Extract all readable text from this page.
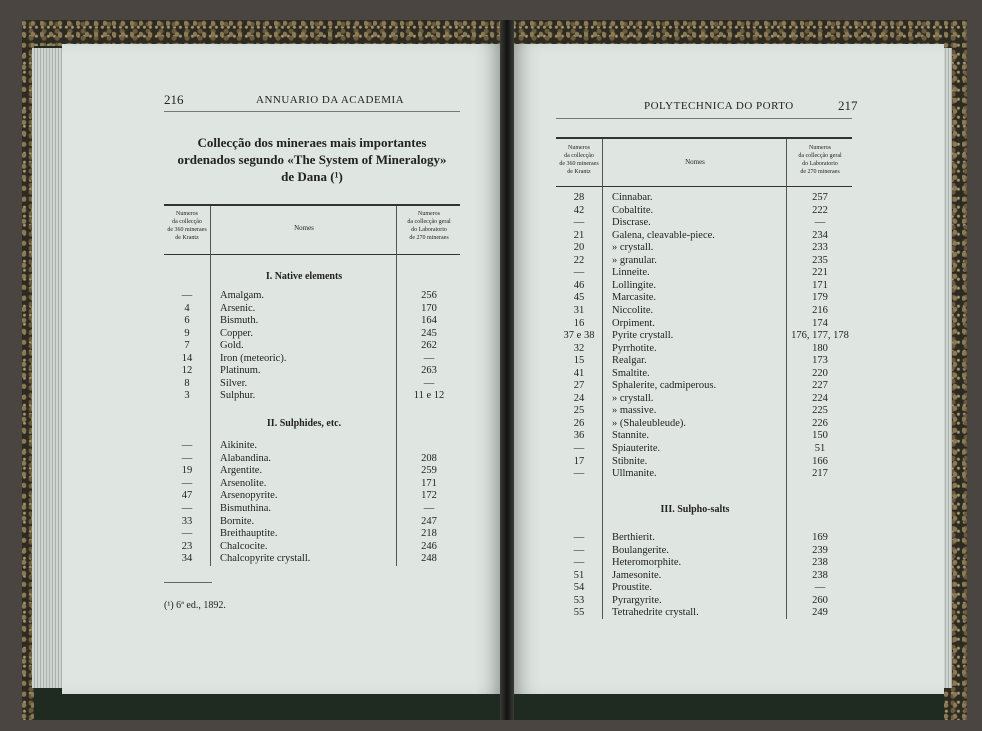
216	ANNUARIO DA ACADEMIA
Collecção dos mineraes mais importantes
ordenados segundo «The System of Mineralogy»
de Dana (¹)
Numeros
da collecção
de 360 mineraes
de Krantz
Nomes
Numeros
da collecção geral
do Laboratorio
de 270 mineraes
I. Native elements
—	Amalgam.	256
4	Arsenic.	170
6	Bismuth.	164
9	Copper.	245
7	Gold.	262
14	Iron (meteoric).	—
12	Platinum.	263
8	Silver.	—
3	Sulphur.	11 e 12
II. Sulphides, etc.
—	Aikinite.
—	Alabandina.	208
19	Argentite.	259
—	Arsenolite.	171
47	Arsenopyrite.	172
—	Bismuthina.	—
33	Bornite.	247
—	Breithauptite.	218
23	Chalcocite.	246
34	Chalcopyrite crystall.	248
(¹) 6ª ed., 1892.
POLYTECHNICA DO PORTO	217
Numeros
da collecção
de 360 mineraes
de Krantz
Nomes
Numeros
da collecção geral
do Laboratorio
de 270 mineraes
28	Cinnabar.	257
42	Cobaltite.	222
—	Discrase.	—
21	Galena, cleavable-piece.	234
20	» crystall.	233
22	» granular.	235
—	Linneite.	221
46	Lollingite.	171
45	Marcasite.	179
31	Niccolite.	216
16	Orpiment.	174
37 e 38	Pyrite crystall.	176, 177, 178
32	Pyrrhotite.	180
15	Realgar.	173
41	Smaltite.	220
27	Sphalerite, cadmiperous.	227
24	» crystall.	224
25	» massive.	225
26	» (Shaleubleude).	226
36	Stannite.	150
—	Spiauterite.	51
17	Stibnite.	166
—	Ullmanite.	217
III. Sulpho-salts
—	Berthierit.	169
—	Boulangerite.	239
—	Heteromorphite.	238
51	Jamesonite.	238
54	Proustite.	—
53	Pyrargyrite.	260
55	Tetrahedrite crystall.	249
